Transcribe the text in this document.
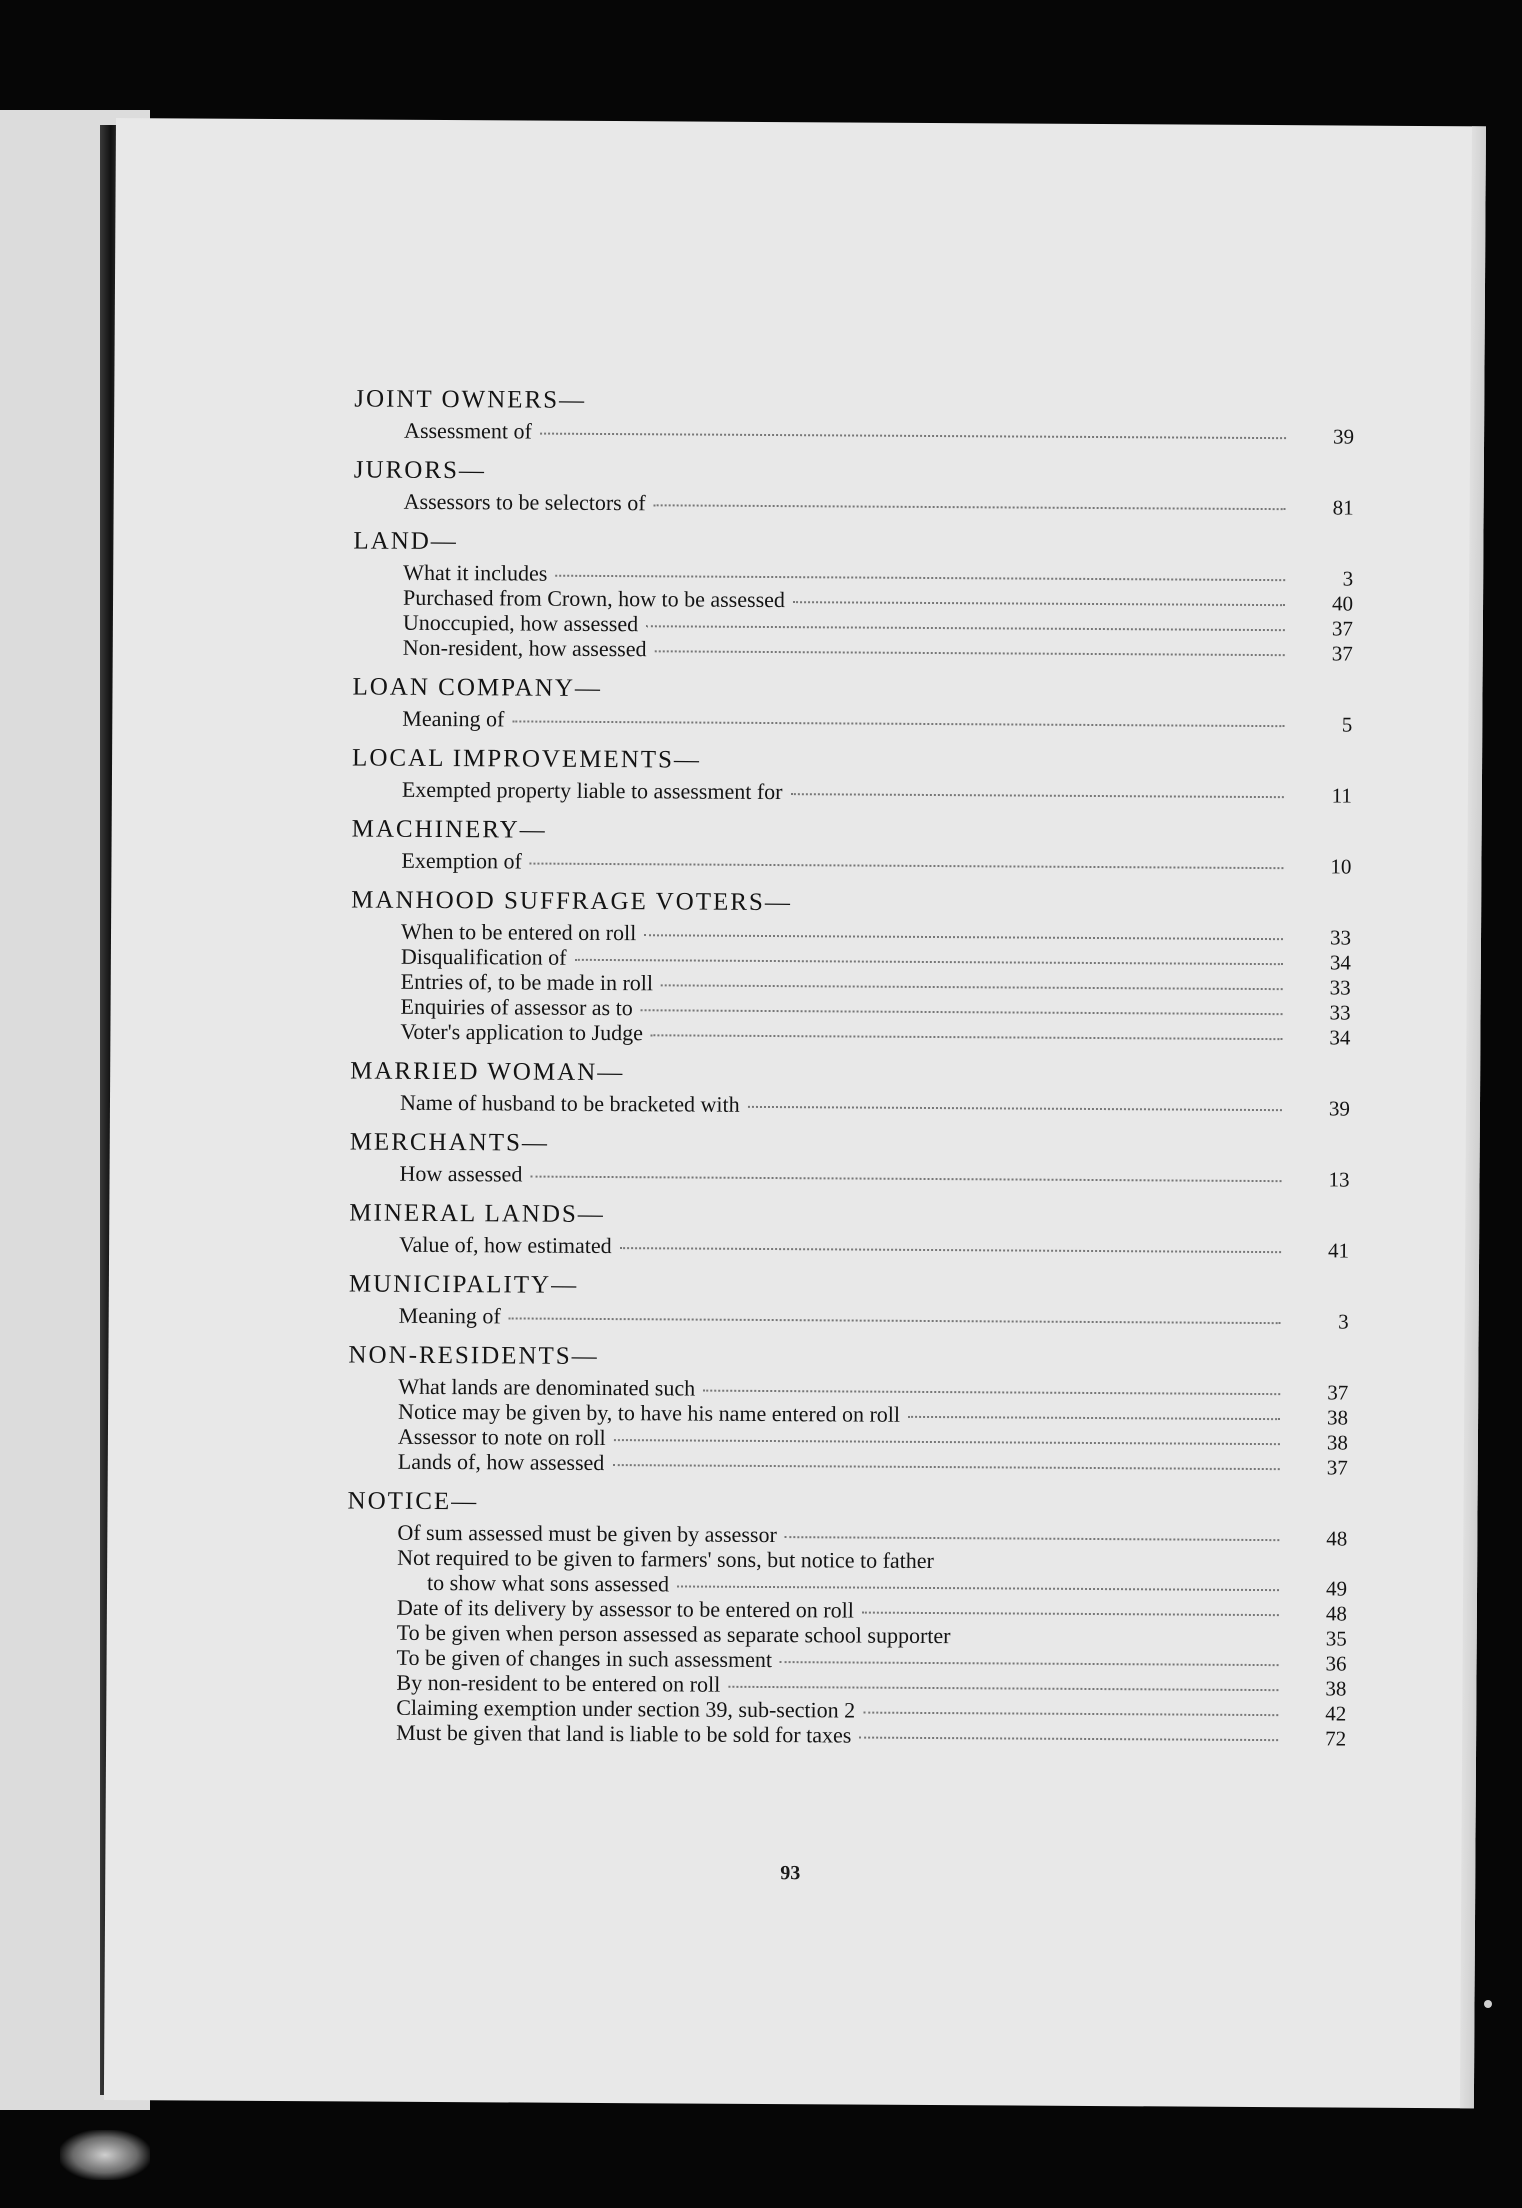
JOINT OWNERS—
Assessment of	39
JURORS—
Assessors to be selectors of	81
LAND—
What it includes	3
Purchased from Crown, how to be assessed	40
Unoccupied, how assessed	37
Non-resident, how assessed	37
LOAN COMPANY—
Meaning of	5
LOCAL IMPROVEMENTS—
Exempted property liable to assessment for	11
MACHINERY—
Exemption of	10
MANHOOD SUFFRAGE VOTERS—
When to be entered on roll	33
Disqualification of	34
Entries of, to be made in roll	33
Enquiries of assessor as to	33
Voter's application to Judge	34
MARRIED WOMAN—
Name of husband to be bracketed with	39
MERCHANTS—
How assessed	13
MINERAL LANDS—
Value of, how estimated	41
MUNICIPALITY—
Meaning of	3
NON-RESIDENTS—
What lands are denominated such	37
Notice may be given by, to have his name entered on roll	38
Assessor to note on roll	38
Lands of, how assessed	37
NOTICE—
Of sum assessed must be given by assessor	48
Not required to be given to farmers' sons, but notice to father
to show what sons assessed	49
Date of its delivery by assessor to be entered on roll	48
To be given when person assessed as separate school supporter	35
To be given of changes in such assessment	36
By non-resident to be entered on roll	38
Claiming exemption under section 39, sub-section 2	42
Must be given that land is liable to be sold for taxes	72
93
